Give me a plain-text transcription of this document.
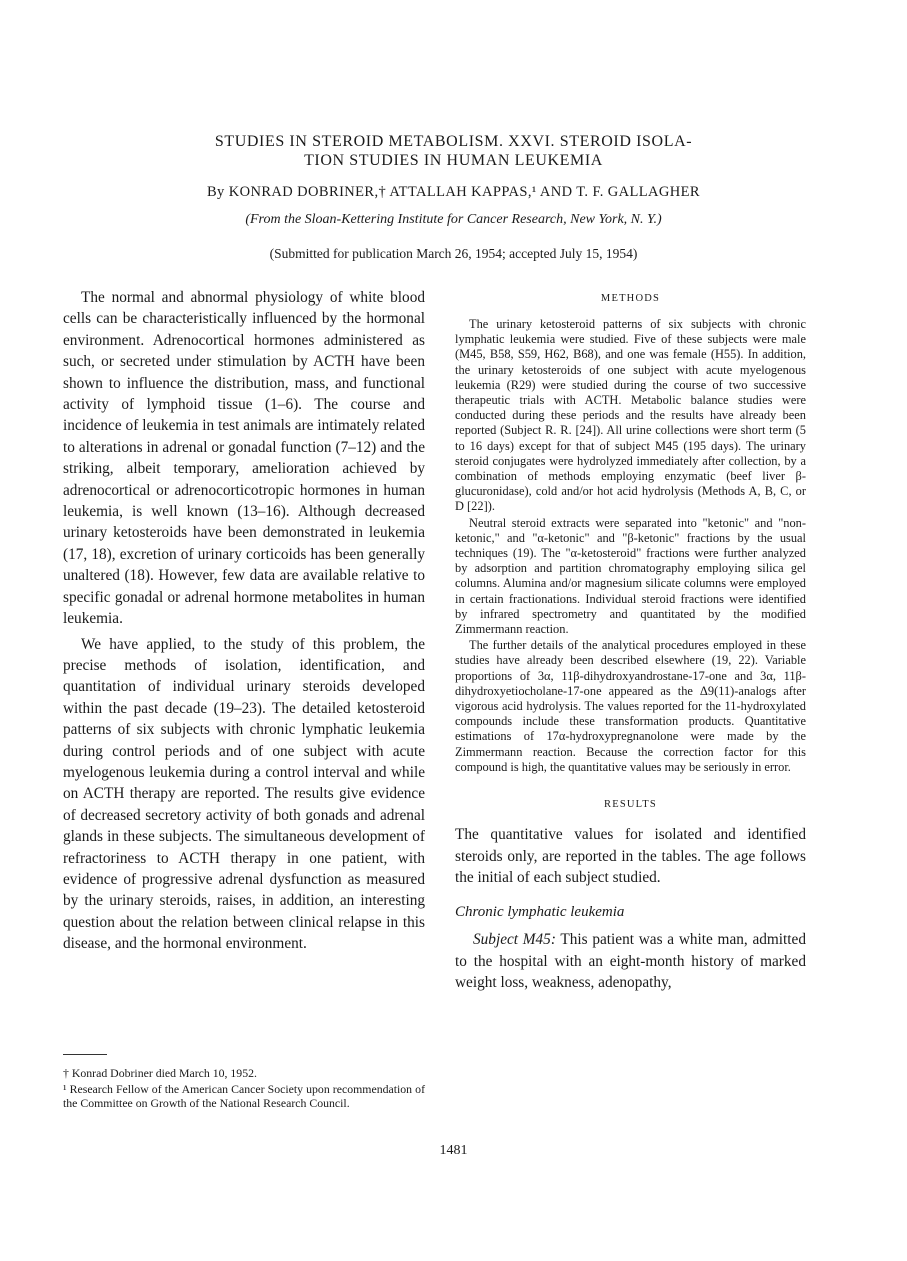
STUDIES IN STEROID METABOLISM. XXVI. STEROID ISOLA-
TION STUDIES IN HUMAN LEUKEMIA
By KONRAD DOBRINER,† ATTALLAH KAPPAS,¹ AND T. F. GALLAGHER
(From the Sloan-Kettering Institute for Cancer Research, New York, N. Y.)
(Submitted for publication March 26, 1954; accepted July 15, 1954)

The normal and abnormal physiology of white blood cells can be characteristically influenced by the hormonal environment. Adrenocortical hormones administered as such, or secreted under stimulation by ACTH have been shown to influence the distribution, mass, and functional activity of lymphoid tissue (1–6). The course and incidence of leukemia in test animals are intimately related to alterations in adrenal or gonadal function (7–12) and the striking, albeit temporary, amelioration achieved by adrenocortical or adrenocorticotropic hormones in human leukemia, is well known (13–16). Although decreased urinary ketosteroids have been demonstrated in leukemia (17, 18), excretion of urinary corticoids has been generally unaltered (18). However, few data are available relative to specific gonadal or adrenal hormone metabolites in human leukemia.

We have applied, to the study of this problem, the precise methods of isolation, identification, and quantitation of individual urinary steroids developed within the past decade (19–23). The detailed ketosteroid patterns of six subjects with chronic lymphatic leukemia during control periods and of one subject with acute myelogenous leukemia during a control interval and while on ACTH therapy are reported. The results give evidence of decreased secretory activity of both gonads and adrenal glands in these subjects. The simultaneous development of refractoriness to ACTH therapy in one patient, with evidence of progressive adrenal dysfunction as measured by the urinary steroids, raises, in addition, an interesting question about the relation between clinical relapse in this disease, and the hormonal environment.

† Konrad Dobriner died March 10, 1952.

¹ Research Fellow of the American Cancer Society upon recommendation of the Committee on Growth of the National Research Council.

METHODS

The urinary ketosteroid patterns of six subjects with chronic lymphatic leukemia were studied. Five of these subjects were male (M45, B58, S59, H62, B68), and one was female (H55). In addition, the urinary ketosteroids of one subject with acute myelogenous leukemia (R29) were studied during the course of two successive therapeutic trials with ACTH. Metabolic balance studies were conducted during these periods and the results have already been reported (Subject R. R. [24]). All urine collections were short term (5 to 16 days) except for that of subject M45 (195 days). The urinary steroid conjugates were hydrolyzed immediately after collection, by a combination of methods employing enzymatic (beef liver β-glucuronidase), cold and/or hot acid hydrolysis (Methods A, B, C, or D [22]).

Neutral steroid extracts were separated into "ketonic" and "non-ketonic," and "α-ketonic" and "β-ketonic" fractions by the usual techniques (19). The "α-ketosteroid" fractions were further analyzed by adsorption and partition chromatography employing silica gel columns. Alumina and/or magnesium silicate columns were employed in certain fractionations. Individual steroid fractions were identified by infrared spectrometry and quantitated by the modified Zimmermann reaction.

The further details of the analytical procedures employed in these studies have already been described elsewhere (19, 22). Variable proportions of 3α, 11β-dihydroxyandrostane-17-one and 3α, 11β-dihydroxyetiocholane-17-one appeared as the Δ9(11)-analogs after vigorous acid hydrolysis. The values reported for the 11-hydroxylated compounds include these transformation products. Quantitative estimations of 17α-hydroxypregnanolone were made by the Zimmermann reaction. Because the correction factor for this compound is high, the quantitative values may be seriously in error.

RESULTS

The quantitative values for isolated and identified steroids only, are reported in the tables. The age follows the initial of each subject studied.

Chronic lymphatic leukemia

Subject M45: This patient was a white man, admitted to the hospital with an eight-month history of marked weight loss, weakness, adenopathy,

1481
